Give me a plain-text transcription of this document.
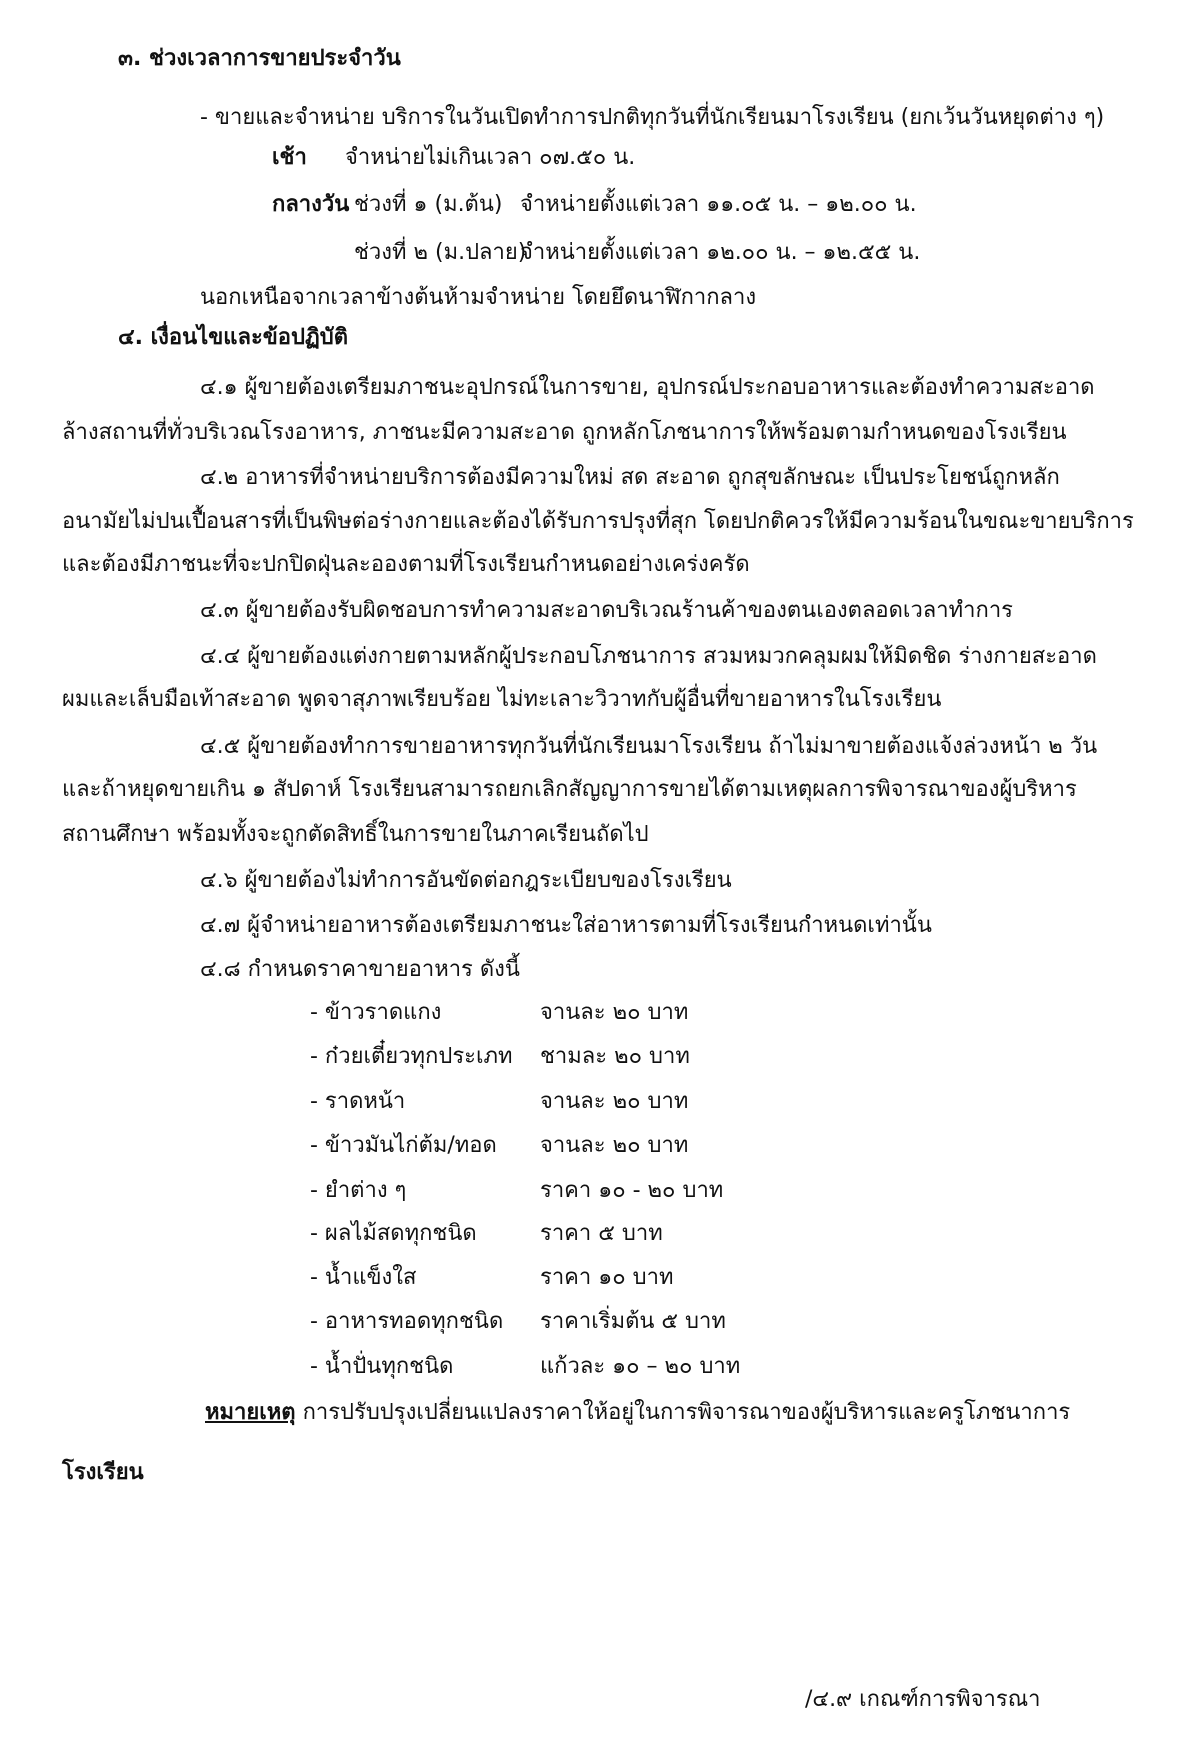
๓. ช่วงเวลาการขายประจำวัน
- ขายและจำหน่าย บริการในวันเปิดทำการปกติทุกวันที่นักเรียนมาโรงเรียน (ยกเว้นวันหยุดต่าง ๆ)
เช้า จำหน่ายไม่เกินเวลา ๐๗.๕๐ น.
กลางวัน ช่วงที่ ๑ (ม.ต้น) จำหน่ายตั้งแต่เวลา ๑๑.๐๕ น. – ๑๒.๐๐ น.
ช่วงที่ ๒ (ม.ปลาย)
จำหน่ายตั้งแต่เวลา ๑๒.๐๐ น. – ๑๒.๕๕ น.
นอกเหนือจากเวลาข้างต้นห้ามจำหน่าย โดยยึดนาฬิกากลาง
๔. เงื่อนไขและข้อปฏิบัติ
๔.๑ ผู้ขายต้องเตรียมภาชนะอุปกรณ์ในการขาย, อุปกรณ์ประกอบอาหารและต้องทำความสะอาด
ล้างสถานที่ทั่วบริเวณโรงอาหาร, ภาชนะมีความสะอาด ถูกหลักโภชนาการให้พร้อมตามกำหนดของโรงเรียน
๔.๒ อาหารที่จำหน่ายบริการต้องมีความใหม่ สด สะอาด ถูกสุขลักษณะ เป็นประโยชน์ถูกหลัก
อนามัยไม่ปนเปื้อนสารที่เป็นพิษต่อร่างกายและต้องได้รับการปรุงที่สุก โดยปกติควรให้มีความร้อนในขณะขายบริการ
และต้องมีภาชนะที่จะปกปิดฝุ่นละอองตามที่โรงเรียนกำหนดอย่างเคร่งครัด
๔.๓ ผู้ขายต้องรับผิดชอบการทำความสะอาดบริเวณร้านค้าของตนเองตลอดเวลาทำการ
๔.๔ ผู้ขายต้องแต่งกายตามหลักผู้ประกอบโภชนาการ สวมหมวกคลุมผมให้มิดชิด ร่างกายสะอาด
ผมและเล็บมือเท้าสะอาด พูดจาสุภาพเรียบร้อย ไม่ทะเลาะวิวาทกับผู้อื่นที่ขายอาหารในโรงเรียน
๔.๕ ผู้ขายต้องทำการขายอาหารทุกวันที่นักเรียนมาโรงเรียน ถ้าไม่มาขายต้องแจ้งล่วงหน้า ๒ วัน
และถ้าหยุดขายเกิน ๑ สัปดาห์ โรงเรียนสามารถยกเลิกสัญญาการขายได้ตามเหตุผลการพิจารณาของผู้บริหาร
สถานศึกษา พร้อมทั้งจะถูกตัดสิทธิ์ในการขายในภาคเรียนถัดไป
๔.๖ ผู้ขายต้องไม่ทำการอันขัดต่อกฎระเบียบของโรงเรียน
๔.๗ ผู้จำหน่ายอาหารต้องเตรียมภาชนะใส่อาหารตามที่โรงเรียนกำหนดเท่านั้น
๔.๘ กำหนดราคาขายอาหาร ดังนี้
- ข้าวราดแกง	จานละ ๒๐ บาท
- ก๋วยเตี๋ยวทุกประเภท ชามละ ๒๐ บาท
- ราดหน้า	จานละ ๒๐ บาท
- ข้าวมันไก่ต้ม/ทอด จานละ ๒๐ บาท
- ยำต่าง ๆ	ราคา ๑๐ - ๒๐ บาท
- ผลไม้สดทุกชนิด	ราคา ๕ บาท
- น้ำแข็งใส	ราคา ๑๐ บาท
- อาหารทอดทุกชนิด ราคาเริ่มต้น ๕ บาท
- น้ำปั่นทุกชนิด	แก้วละ ๑๐ – ๒๐ บาท
หมายเหตุ การปรับปรุงเปลี่ยนแปลงราคาให้อยู่ในการพิจารณาของผู้บริหารและครูโภชนาการ
โรงเรียน
/๔.๙ เกณฑ์การพิจารณา
